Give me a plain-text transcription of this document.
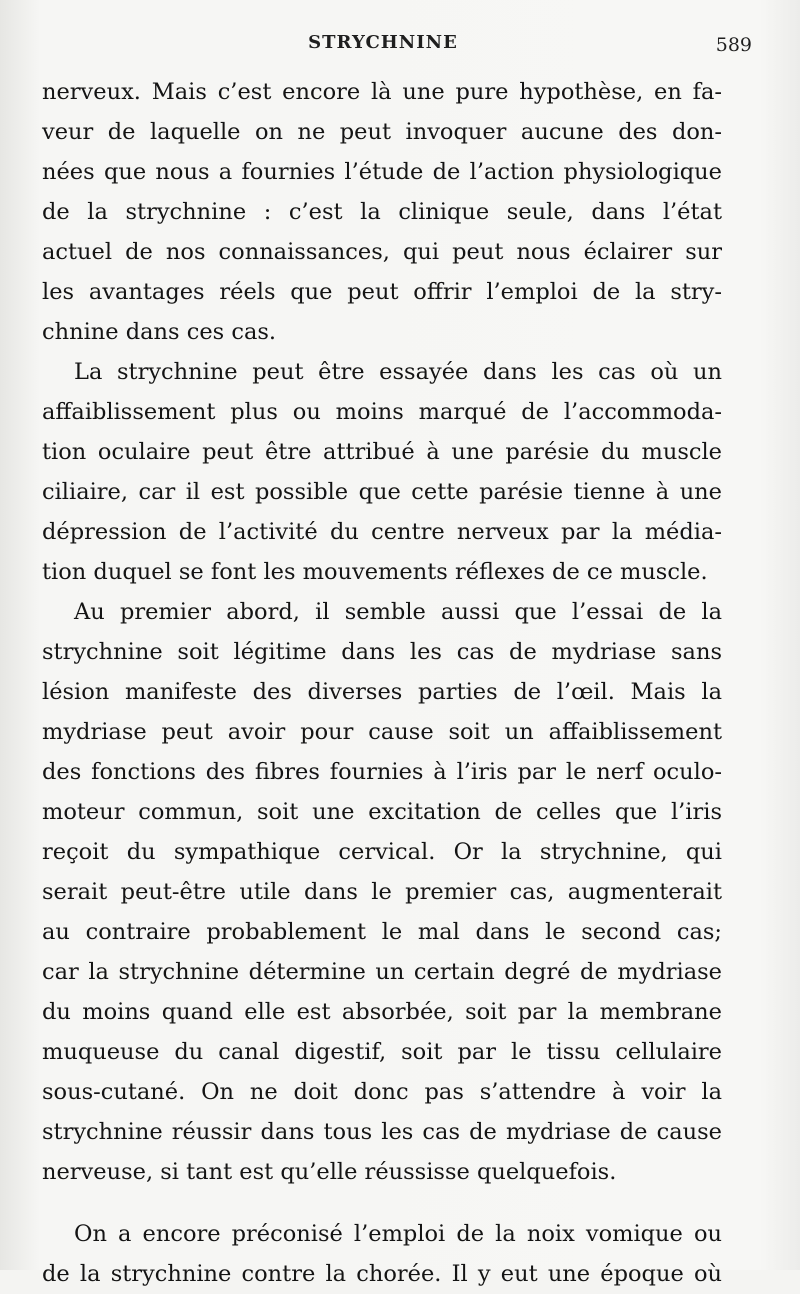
STRYCHNINE	589

nerveux. Mais c’est encore là une pure hypothèse, en fa-
veur de laquelle on ne peut invoquer aucune des don-
nées que nous a fournies l’étude de l’action physiologique
de la strychnine : c’est la clinique seule, dans l’état
actuel de nos connaissances, qui peut nous éclairer sur
les avantages réels que peut offrir l’emploi de la stry-
chnine dans ces cas.

La strychnine peut être essayée dans les cas où un
affaiblissement plus ou moins marqué de l’accommoda-
tion oculaire peut être attribué à une parésie du muscle
ciliaire, car il est possible que cette parésie tienne à une
dépression de l’activité du centre nerveux par la média-
tion duquel se font les mouvements réflexes de ce muscle.

Au premier abord, il semble aussi que l’essai de la
strychnine soit légitime dans les cas de mydriase sans
lésion manifeste des diverses parties de l’œil. Mais la
mydriase peut avoir pour cause soit un affaiblissement
des fonctions des fibres fournies à l’iris par le nerf oculo-
moteur commun, soit une excitation de celles que l’iris
reçoit du sympathique cervical. Or la strychnine, qui
serait peut-être utile dans le premier cas, augmenterait
au contraire probablement le mal dans le second cas;
car la strychnine détermine un certain degré de mydriase
du moins quand elle est absorbée, soit par la membrane
muqueuse du canal digestif, soit par le tissu cellulaire
sous-cutané. On ne doit donc pas s’attendre à voir la
strychnine réussir dans tous les cas de mydriase de cause
nerveuse, si tant est qu’elle réussisse quelquefois.

On a encore préconisé l’emploi de la noix vomique ou
de la strychnine contre la chorée. Il y eut une époque où
